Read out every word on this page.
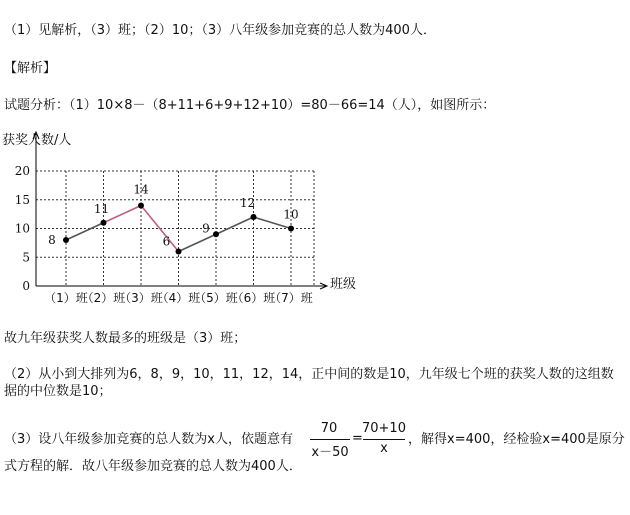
（1）见解析，（3）班；（2）10；（3）八年级参加竞赛的总人数为400人．
【解析】
试题分析：（1）10×8－（8+11+6+9+12+10）=80－66=14（人），如图所示：
获奖人数/人
班级
0
5
10
15
20
（1）班
（2）班
（3）班
（4）班
（5）班
（6）班
（7）班
8
11
14
6
9
12
10
故九年级获奖人数最多的班级是（3）班；
（2）从小到大排列为6，8，9，10，11，12，14，正中间的数是10，九年级七个班的获奖人数的这组数
据的中位数是10；
（3）设八年级参加竞赛的总人数为x人，依题意有
70
x－50
=
70+10
x
，解得x=400，经检验x=400是原分
式方程的解．故八年级参加竞赛的总人数为400人．
